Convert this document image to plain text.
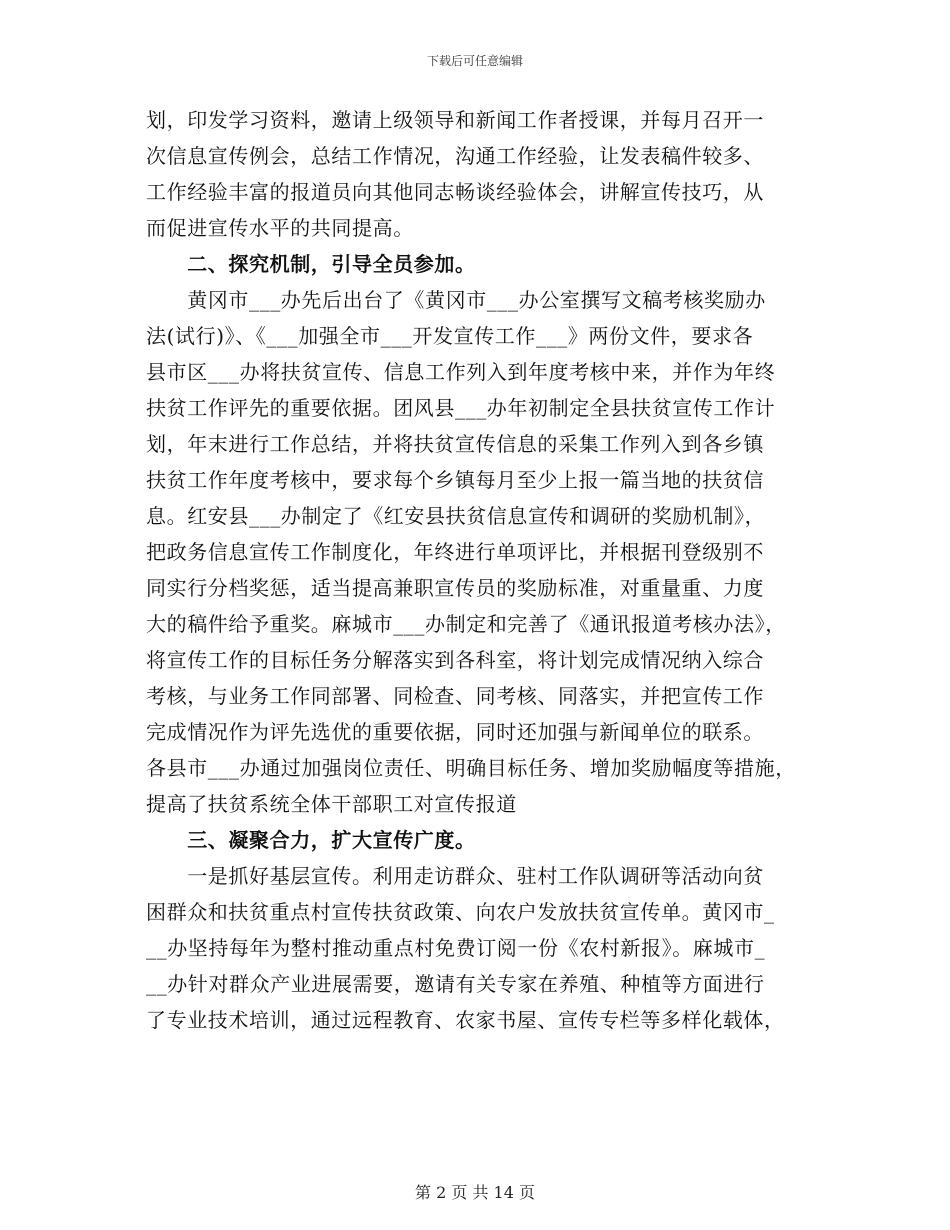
下载后可任意编辑
划，印发学习资料，邀请上级领导和新闻工作者授课，并每月召开一
次信息宣传例会，总结工作情况，沟通工作经验，让发表稿件较多、
工作经验丰富的报道员向其他同志畅谈经验体会，讲解宣传技巧，从
而促进宣传水平的共同提高。
　　二、探究机制，引导全员参加。
　　黄冈市___办先后出台了《黄冈市___办公室撰写文稿考核奖励办
法(试行)》、《___加强全市___开发宣传工作___》两份文件，要求各
县市区___办将扶贫宣传、信息工作列入到年度考核中来，并作为年终
扶贫工作评先的重要依据。团风县___办年初制定全县扶贫宣传工作计
划，年末进行工作总结，并将扶贫宣传信息的采集工作列入到各乡镇
扶贫工作年度考核中，要求每个乡镇每月至少上报一篇当地的扶贫信
息。红安县___办制定了《红安县扶贫信息宣传和调研的奖励机制》，
把政务信息宣传工作制度化，年终进行单项评比，并根据刊登级别不
同实行分档奖惩，适当提高兼职宣传员的奖励标准，对重量重、力度
大的稿件给予重奖。麻城市___办制定和完善了《通讯报道考核办法》，
将宣传工作的目标任务分解落实到各科室，将计划完成情况纳入综合
考核，与业务工作同部署、同检查、同考核、同落实，并把宣传工作
完成情况作为评先选优的重要依据，同时还加强与新闻单位的联系。
各县市___办通过加强岗位责任、明确目标任务、增加奖励幅度等措施，
提高了扶贫系统全体干部职工对宣传报道
　　三、凝聚合力，扩大宣传广度。
　　一是抓好基层宣传。利用走访群众、驻村工作队调研等活动向贫
困群众和扶贫重点村宣传扶贫政策、向农户发放扶贫宣传单。黄冈市_
__办坚持每年为整村推动重点村免费订阅一份《农村新报》。麻城市_
__办针对群众产业进展需要，邀请有关专家在养殖、种植等方面进行
了专业技术培训，通过远程教育、农家书屋、宣传专栏等多样化载体，
第 2 页 共 14 页
